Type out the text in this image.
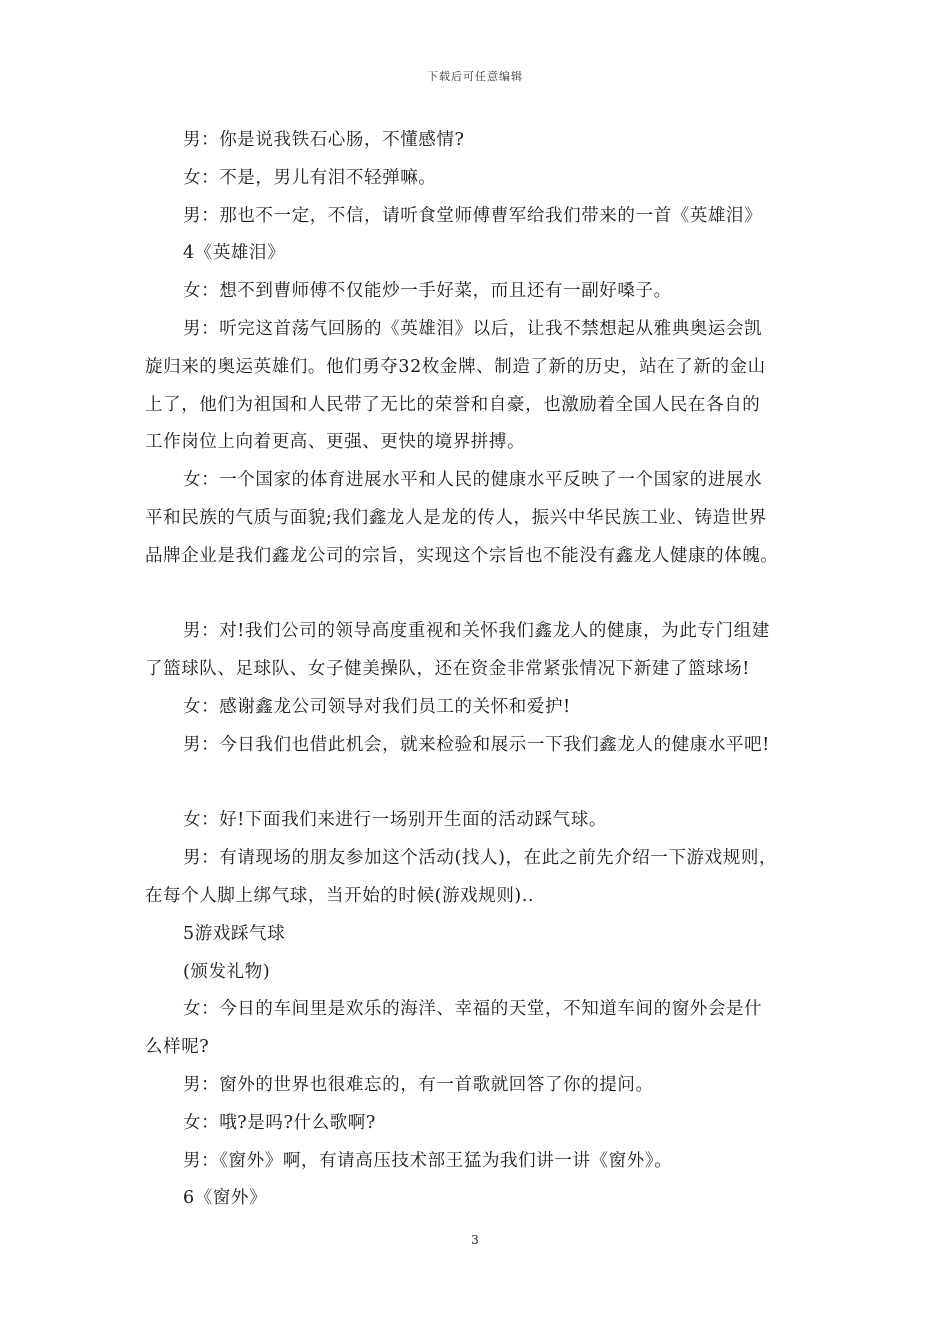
下载后可任意编辑
男：你是说我铁石心肠，不懂感情?
女：不是，男儿有泪不轻弹嘛。
男：那也不一定，不信，请听食堂师傅曹军给我们带来的一首《英雄泪》
4《英雄泪》
女：想不到曹师傅不仅能炒一手好菜，而且还有一副好嗓子。
男：听完这首荡气回肠的《英雄泪》以后，让我不禁想起从雅典奥运会凯
旋归来的奥运英雄们。他们勇夺32枚金牌、制造了新的历史，站在了新的金山
上了，他们为祖国和人民带了无比的荣誉和自豪，也激励着全国人民在各自的
工作岗位上向着更高、更强、更快的境界拼搏。
女：一个国家的体育进展水平和人民的健康水平反映了一个国家的进展水
平和民族的气质与面貌;我们鑫龙人是龙的传人，振兴中华民族工业、铸造世界
品牌企业是我们鑫龙公司的宗旨，实现这个宗旨也不能没有鑫龙人健康的体魄。
男：对!我们公司的领导高度重视和关怀我们鑫龙人的健康，为此专门组建
了篮球队、足球队、女子健美操队，还在资金非常紧张情况下新建了篮球场!
女：感谢鑫龙公司领导对我们员工的关怀和爱护!
男：今日我们也借此机会，就来检验和展示一下我们鑫龙人的健康水平吧!
女：好!下面我们来进行一场别开生面的活动踩气球。
男：有请现场的朋友参加这个活动(找人)，在此之前先介绍一下游戏规则，
在每个人脚上绑气球，当开始的时候(游戏规则)..
5游戏踩气球
(颁发礼物)
女：今日的车间里是欢乐的海洋、幸福的天堂，不知道车间的窗外会是什
么样呢?
男：窗外的世界也很难忘的，有一首歌就回答了你的提问。
女：哦?是吗?什么歌啊?
男：《窗外》啊，有请高压技术部王猛为我们讲一讲《窗外》。
6《窗外》
3
